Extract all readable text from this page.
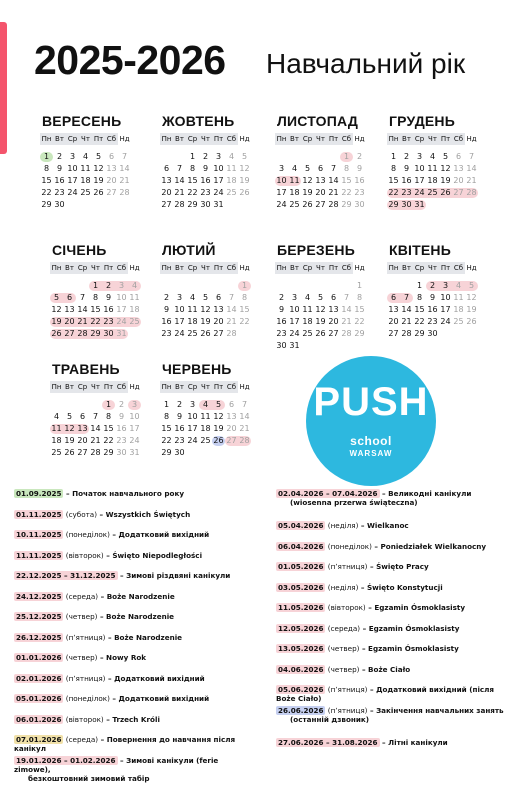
2025-2026 Навчальний рік
ВЕРЕСЕНЬ
Пн Вт Ср Чт Пт Сб Нд
1 2 3 4 5 6 7
8 9 10 11 12 13 14
15 16 17 18 19 20 21
22 23 24 25 26 27 28
29 30
ЖОВТЕНЬ
Пн Вт Ср Чт Пт Сб Нд
1 2 3 4 5
6 7 8 9 10 11 12
13 14 15 16 17 18 19
20 21 22 23 24 25 26
27 28 29 30 31
ЛИСТОПАД
Пн Вт Ср Чт Пт Сб Нд
1 2
3 4 5 6 7 8 9
10 11 12 13 14 15 16
17 18 19 20 21 22 23
24 25 26 27 28 29 30
ГРУДЕНЬ
Пн Вт Ср Чт Пт Сб Нд
1 2 3 4 5 6 7
8 9 10 11 12 13 14
15 16 17 18 19 20 21
22 23 24 25 26 27 28
29 30 31
СІЧЕНЬ
Пн Вт Ср Чт Пт Сб Нд
1 2 3 4
5 6 7 8 9 10 11
12 13 14 15 16 17 18
19 20 21 22 23 24 25
26 27 28 29 30 31
ЛЮТИЙ
Пн Вт Ср Чт Пт Сб Нд
1
2 3 4 5 6 7 8
9 10 11 12 13 14 15
16 17 18 19 20 21 22
23 24 25 26 27 28
БЕРЕЗЕНЬ
Пн Вт Ср Чт Пт Сб Нд
1
2 3 4 5 6 7 8
9 10 11 12 13 14 15
16 17 18 19 20 21 22
23 24 25 26 27 28 29
30 31
КВІТЕНЬ
Пн Вт Ср Чт Пт Сб Нд
1 2 3 4 5
6 7 8 9 10 11 12
13 14 15 16 17 18 19
20 21 22 23 24 25 26
27 28 29 30
ТРАВЕНЬ
Пн Вт Ср Чт Пт Сб Нд
1 2 3
4 5 6 7 8 9 10
11 12 13 14 15 16 17
18 19 20 21 22 23 24
25 26 27 28 29 30 31
ЧЕРВЕНЬ
Пн Вт Ср Чт Пт Сб Нд
1 2 3 4 5 6 7
8 9 10 11 12 13 14
15 16 17 18 19 20 21
22 23 24 25 26 27 28
29 30
PUSH
school
WARSAW
01.09.2025 – Початок навчального року
01.11.2025 (субота) – Wszystkich Świętych
10.11.2025 (понеділок) – Додатковий вихідний
11.11.2025 (вівторок) – Święto Niepodległości
22.12.2025 – 31.12.2025 – Зимові різдвяні канікули
24.12.2025 (середа) – Boże Narodzenie
25.12.2025 (четвер) – Boże Narodzenie
26.12.2025 (пʼятниця) – Boże Narodzenie
01.01.2026 (четвер) – Nowy Rok
02.01.2026 (пʼятниця) – Додатковий вихідний
05.01.2026 (понеділок) – Додатковий вихідний
06.01.2026 (вівторок) – Trzech Króli
07.01.2026 (середа) – Повернення до навчання після канікул
19.01.2026 – 01.02.2026 – Зимові канікули (ferie zimowe),
безкоштовний зимовий табір
02.04.2026 – 07.04.2026 – Великодні канікули
(wiosenna przerwa świąteczna)
05.04.2026 (неділя) – Wielkanoc
06.04.2026 (понеділок) – Poniedziałek Wielkanocny
01.05.2026 (пʼятниця) – Święto Pracy
03.05.2026 (неділя) – Święto Konstytucji
11.05.2026 (вівторок) – Egzamin Ósmoklasisty
12.05.2026 (середа) – Egzamin Ósmoklasisty
13.05.2026 (четвер) – Egzamin Ósmoklasisty
04.06.2026 (четвер) – Boże Ciało
05.06.2026 (пʼятниця) – Додатковий вихідний (після Boże Ciało)
26.06.2026 (пʼятниця) – Закінчення навчальних занять
(останній дзвоник)
27.06.2026 – 31.08.2026 – Літні канікули
